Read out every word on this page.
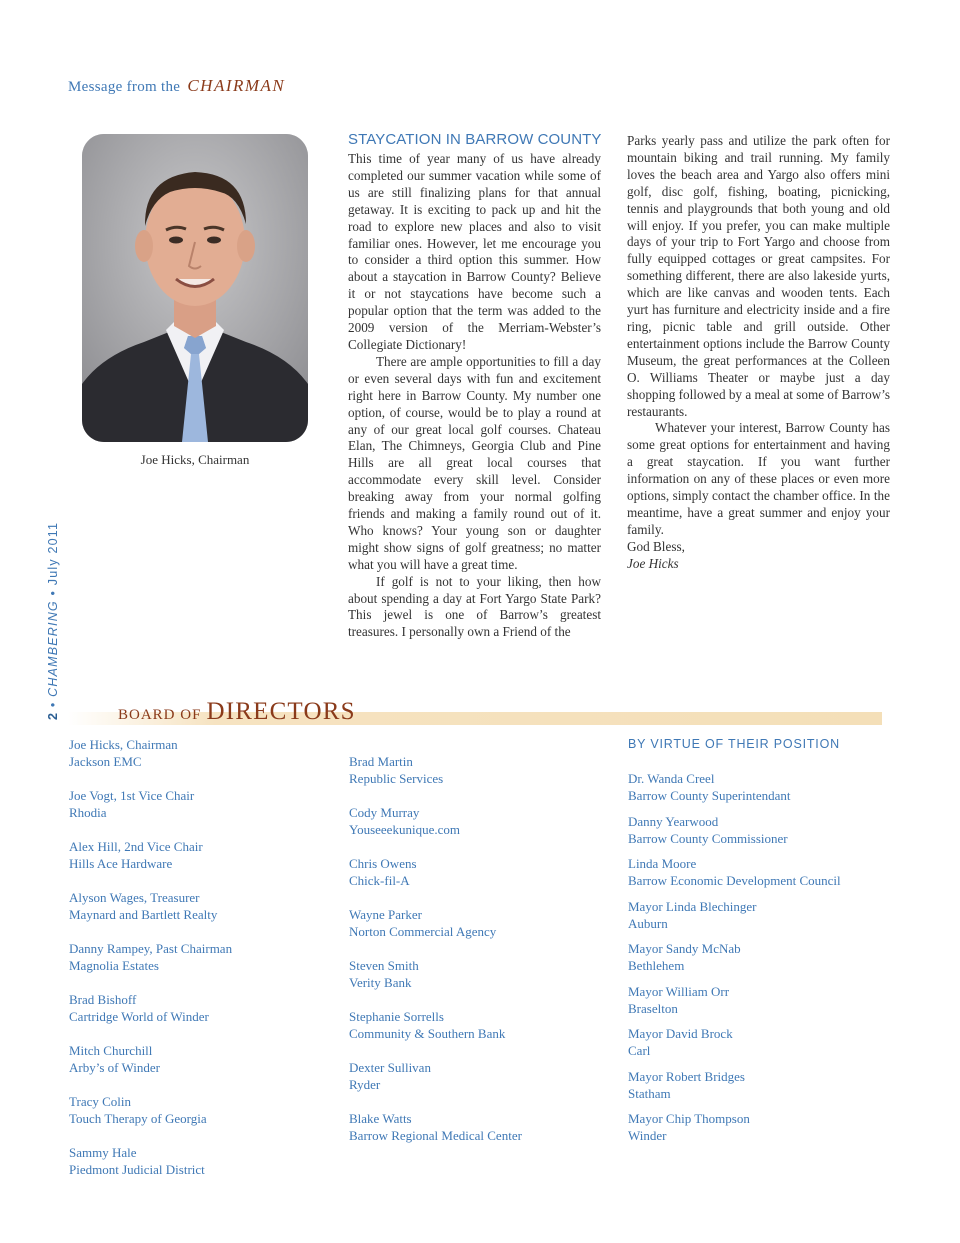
Message from the CHAIRMAN
Joe Hicks, Chairman
STAYCATION IN BARROW COUNTY

This time of year many of us have already completed our summer vacation while some of us are still finalizing plans for that annual getaway. It is exciting to pack up and hit the road to explore new places and also to visit familiar ones. However, let me encourage you to consider a third option this summer. How about a staycation in Barrow County? Believe it or not staycations have become such a popular option that the term was added to the 2009 version of the Merriam-Webster’s Collegiate Dictionary!

There are ample opportunities to fill a day or even several days with fun and excitement right here in Barrow County. My number one option, of course, would be to play a round at any of our great local golf courses. Chateau Elan, The Chimneys, Georgia Club and Pine Hills are all great local courses that accommodate every skill level. Consider breaking away from your normal golfing friends and making a family round out of it. Who knows? Your young son or daughter might show signs of golf greatness; no matter what you will have a great time.

If golf is not to your liking, then how about spending a day at Fort Yargo State Park? This jewel is one of Barrow’s greatest treasures. I personally own a Friend of the

Parks yearly pass and utilize the park often for mountain biking and trail running. My family loves the beach area and Yargo also offers mini golf, disc golf, fishing, boating, picnicking, tennis and playgrounds that both young and old will enjoy. If you prefer, you can make multiple days of your trip to Fort Yargo and choose from fully equipped cottages or great campsites. For something different, there are also lakeside yurts, which are like canvas and wooden tents. Each yurt has furniture and electricity inside and a fire ring, picnic table and grill outside. Other entertainment options include the Barrow County Museum, the great performances at the Colleen O. Williams Theater or maybe just a day shopping followed by a meal at some of Barrow’s restaurants.

Whatever your interest, Barrow County has some great options for entertainment and having a great staycation. If you want further information on any of these places or even more options, simply contact the chamber office. In the meantime, have a great summer and enjoy your family.

God Bless,

Joe Hicks

2 • CHAMBERING • July 2011
BOARD OF DIRECTORS
Joe Hicks, Chairman
Jackson EMC
Joe Vogt, 1st Vice Chair
Rhodia
Alex Hill, 2nd Vice Chair
Hills Ace Hardware
Alyson Wages, Treasurer
Maynard and Bartlett Realty
Danny Rampey, Past Chairman
Magnolia Estates
Brad Bishoff
Cartridge World of Winder
Mitch Churchill
Arby’s of Winder
Tracy Colin
Touch Therapy of Georgia
Sammy Hale
Piedmont Judicial District
Brad Martin
Republic Services
Cody Murray
Youseeekunique.com
Chris Owens
Chick-fil-A
Wayne Parker
Norton Commercial Agency
Steven Smith
Verity Bank
Stephanie Sorrells
Community & Southern Bank
Dexter Sullivan
Ryder
Blake Watts
Barrow Regional Medical Center
BY VIRTUE OF THEIR POSITION
Dr. Wanda Creel
Barrow County Superintendant
Danny Yearwood
Barrow County Commissioner
Linda Moore
Barrow Economic Development Council
Mayor Linda Blechinger
Auburn
Mayor Sandy McNab
Bethlehem
Mayor William Orr
Braselton
Mayor David Brock
Carl
Mayor Robert Bridges
Statham
Mayor Chip Thompson
Winder
